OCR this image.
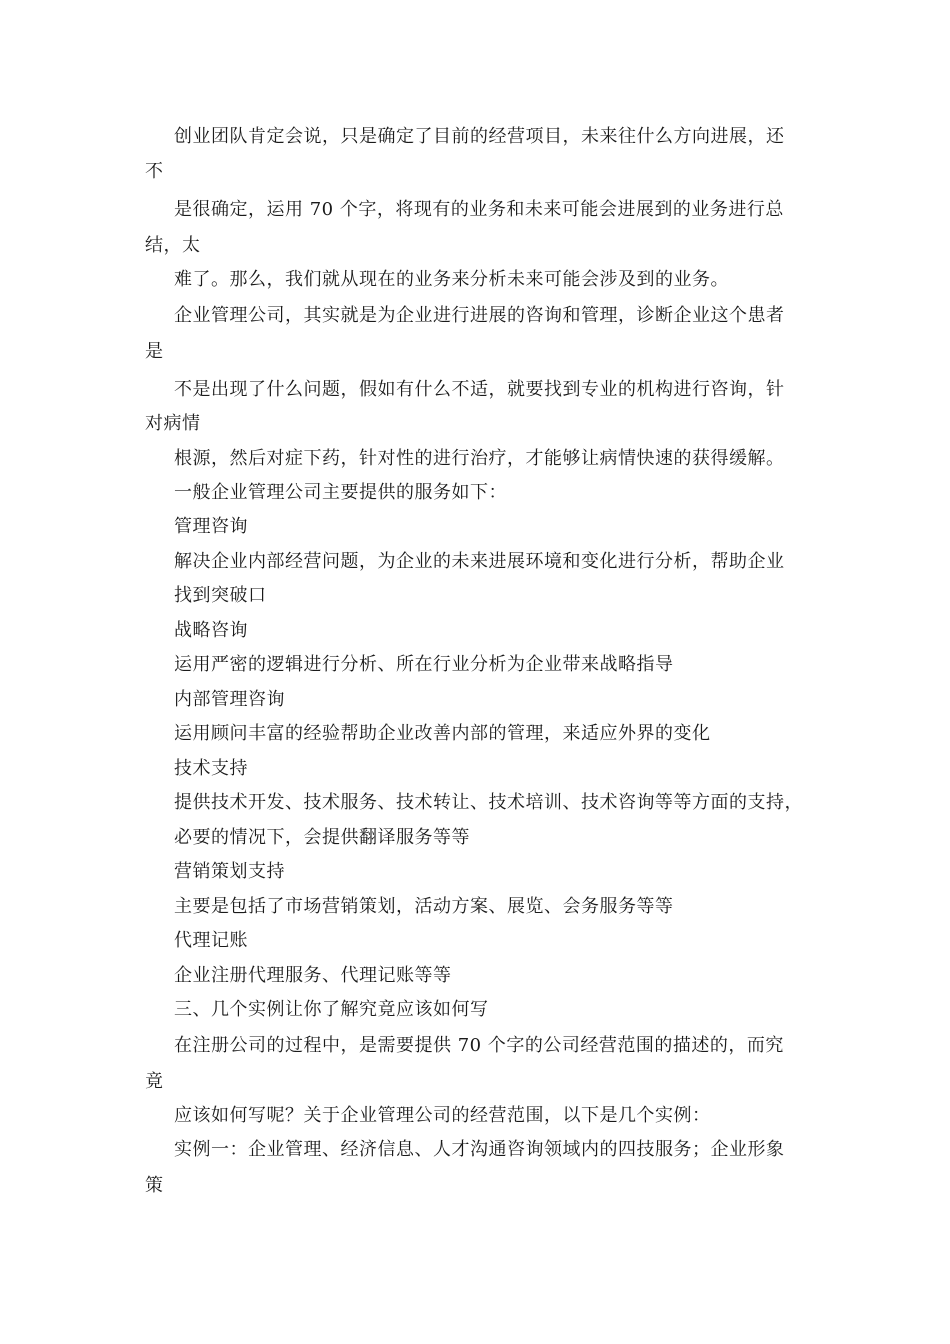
创业团队肯定会说，只是确定了目前的经营项目，未来往什么方向进展，还
不
是很确定，运用 70 个字，将现有的业务和未来可能会进展到的业务进行总
结，太
难了。那么，我们就从现在的业务来分析未来可能会涉及到的业务。
企业管理公司，其实就是为企业进行进展的咨询和管理，诊断企业这个患者
是
不是出现了什么问题，假如有什么不适，就要找到专业的机构进行咨询，针
对病情
根源，然后对症下药，针对性的进行治疗，才能够让病情快速的获得缓解。
一般企业管理公司主要提供的服务如下：
管理咨询
解决企业内部经营问题，为企业的未来进展环境和变化进行分析，帮助企业
找到突破口
战略咨询
运用严密的逻辑进行分析、所在行业分析为企业带来战略指导
内部管理咨询
运用顾问丰富的经验帮助企业改善内部的管理，来适应外界的变化
技术支持
提供技术开发、技术服务、技术转让、技术培训、技术咨询等等方面的支持，
必要的情况下，会提供翻译服务等等
营销策划支持
主要是包括了市场营销策划，活动方案、展览、会务服务等等
代理记账
企业注册代理服务、代理记账等等
三、几个实例让你了解究竟应该如何写
在注册公司的过程中，是需要提供 70 个字的公司经营范围的描述的，而究
竟
应该如何写呢？关于企业管理公司的经营范围，以下是几个实例：
实例一：企业管理、经济信息、人才沟通咨询领域内的四技服务；企业形象
策
